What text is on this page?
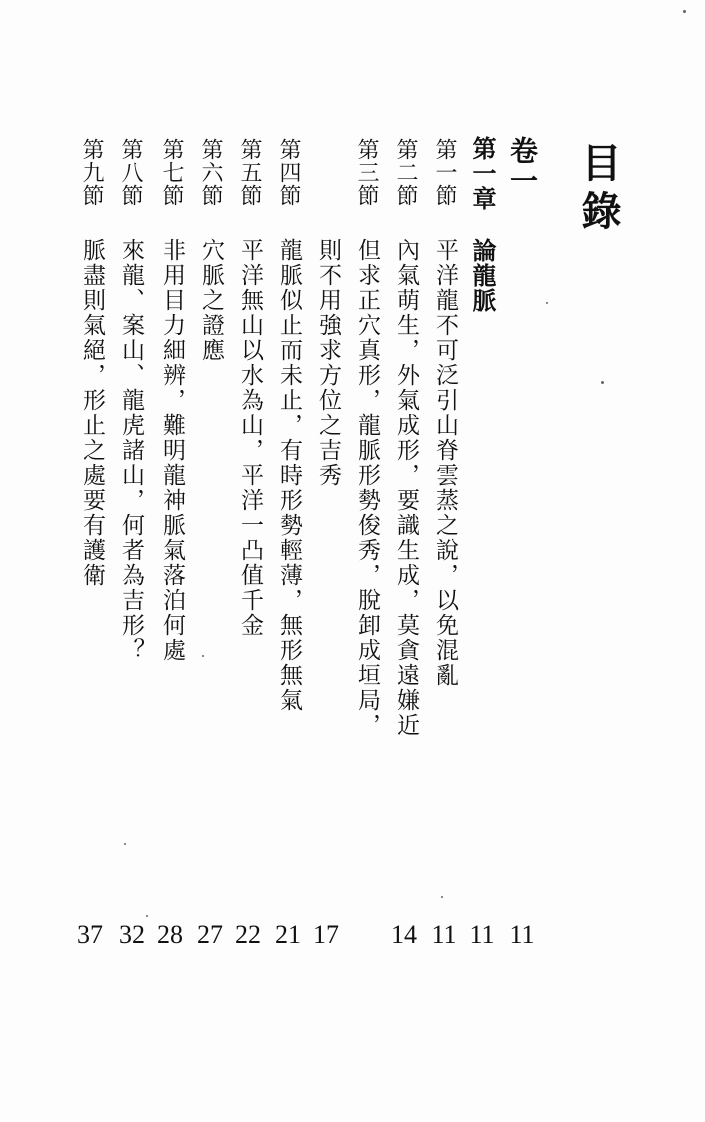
目錄
卷一
第一章
論龍脈
11
第一節
平洋龍不可泛引山脊雲蒸之說，以免混亂
11
第二節
內氣萌生，外氣成形，要識生成，莫貪遠嫌近
11
第三節
但求正穴真形，龍脈形勢俊秀，脫卸成垣局，
14
則不用強求方位之吉秀
17
第四節
龍脈似止而未止，有時形勢輕薄，無形無氣
21
第五節
平洋無山以水為山，平洋一凸值千金
22
第六節
穴脈之證應
27
第七節
非用目力細辨，難明龍神脈氣落泊何處
28
第八節
來龍、案山、龍虎諸山，何者為吉形？
32
第九節
脈盡則氣絕，形止之處要有護衛
37
